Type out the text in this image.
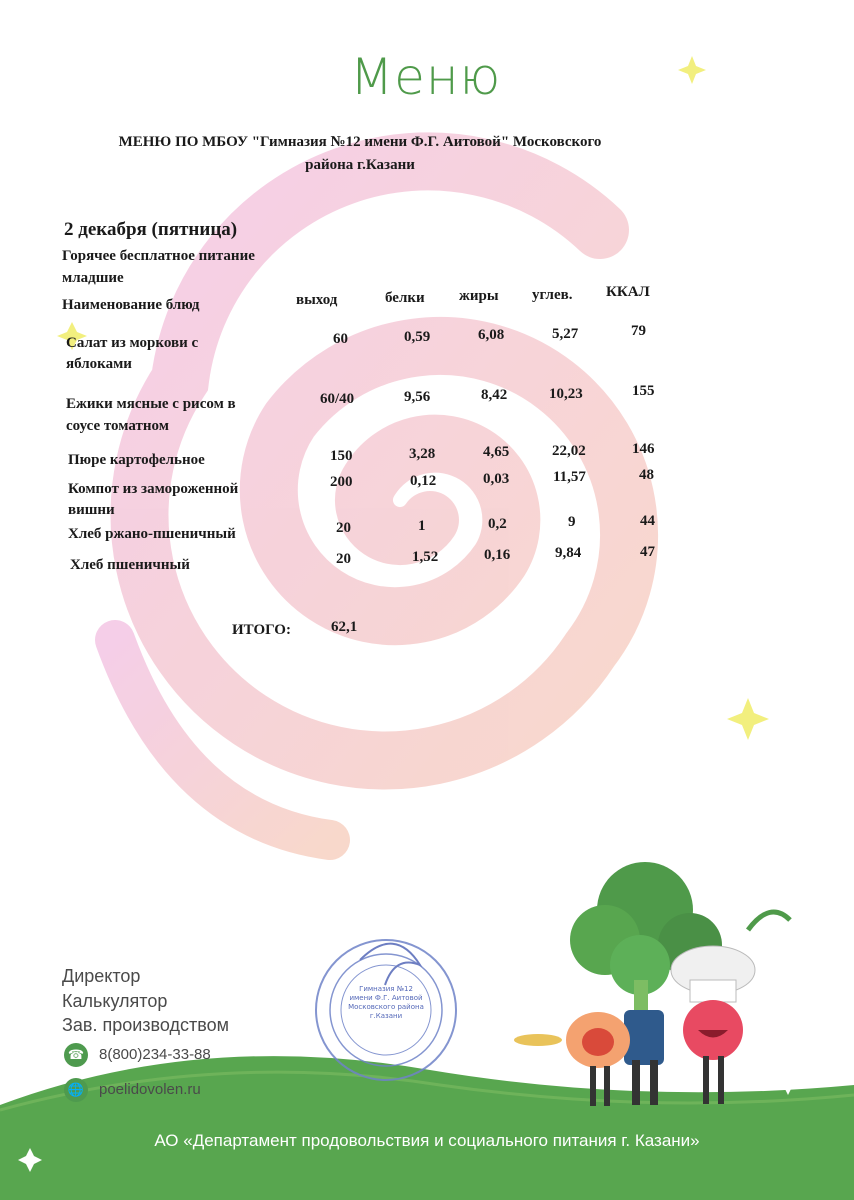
Меню
МЕНЮ ПО МБОУ "Гимназия №12 имени Ф.Г. Аитовой" Московского
района г.Казани
2 декабря (пятница)
Горячее бесплатное питание
младшие
Наименование блюд	выход	белки жиры углев. ККАЛ
Салат из моркови с
яблоками
60	0,59	6,08	5,27	79
Ежики мясные с рисом в
соусе томатном
60/40	9,56	8,42	10,23	155
Пюре картофельное	150	3,28	4,65	22,02	146
Компот из замороженной
вишни
200	0,12	0,03	11,57	48
Хлеб ржано-пшеничный	20	1	0,2	9	44
Хлеб пшеничный	20	1,52	0,16	9,84	47
ИТОГО:	62,1
Директор
Калькулятор
Зав. производством
☎ 8(800)234-33-88
🌐 poelidovolen.ru
Гимназия №12
имени Ф.Г. Аитовой
Московского района
г.Казани
АО «Департамент продовольствия и социального питания г. Казани»
